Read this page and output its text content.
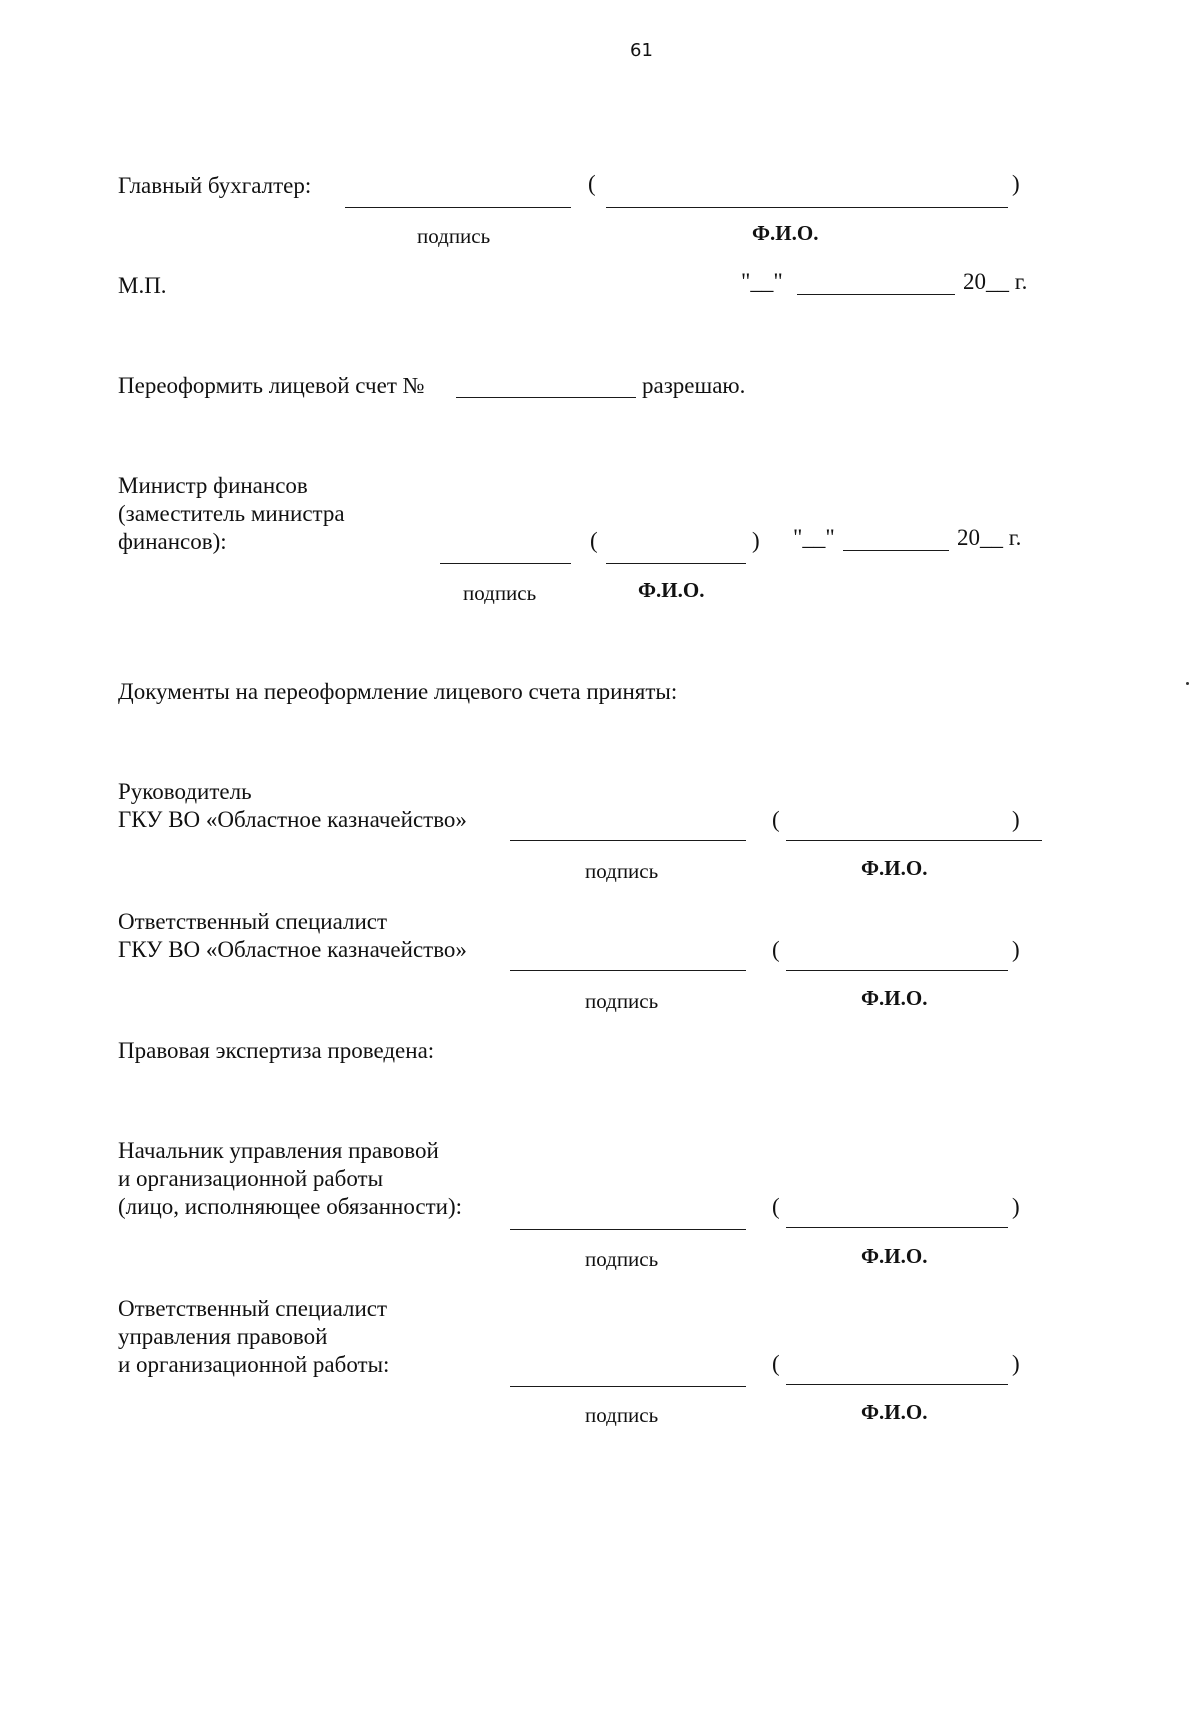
61
Главный бухгалтер:	(	)
подпись	Ф.И.О.
М.П.	"__"	20__ г.
Переоформить лицевой счет №	разрешаю.
Министр финансов
(заместитель министра
финансов):	(	) "__"	20__ г.
подпись	Ф.И.О.
Документы на переоформление лицевого счета приняты:
Руководитель
ГКУ ВО «Областное казначейство»	(	)
подпись	Ф.И.О.
Ответственный специалист
ГКУ ВО «Областное казначейство»	(	)
подпись	Ф.И.О.
Правовая экспертиза проведена:
Начальник управления правовой
и организационной работы
(лицо, исполняющее обязанности):	(	)
подпись	Ф.И.О.
Ответственный специалист
управления правовой
и организационной работы:	(	)
подпись	Ф.И.О.
